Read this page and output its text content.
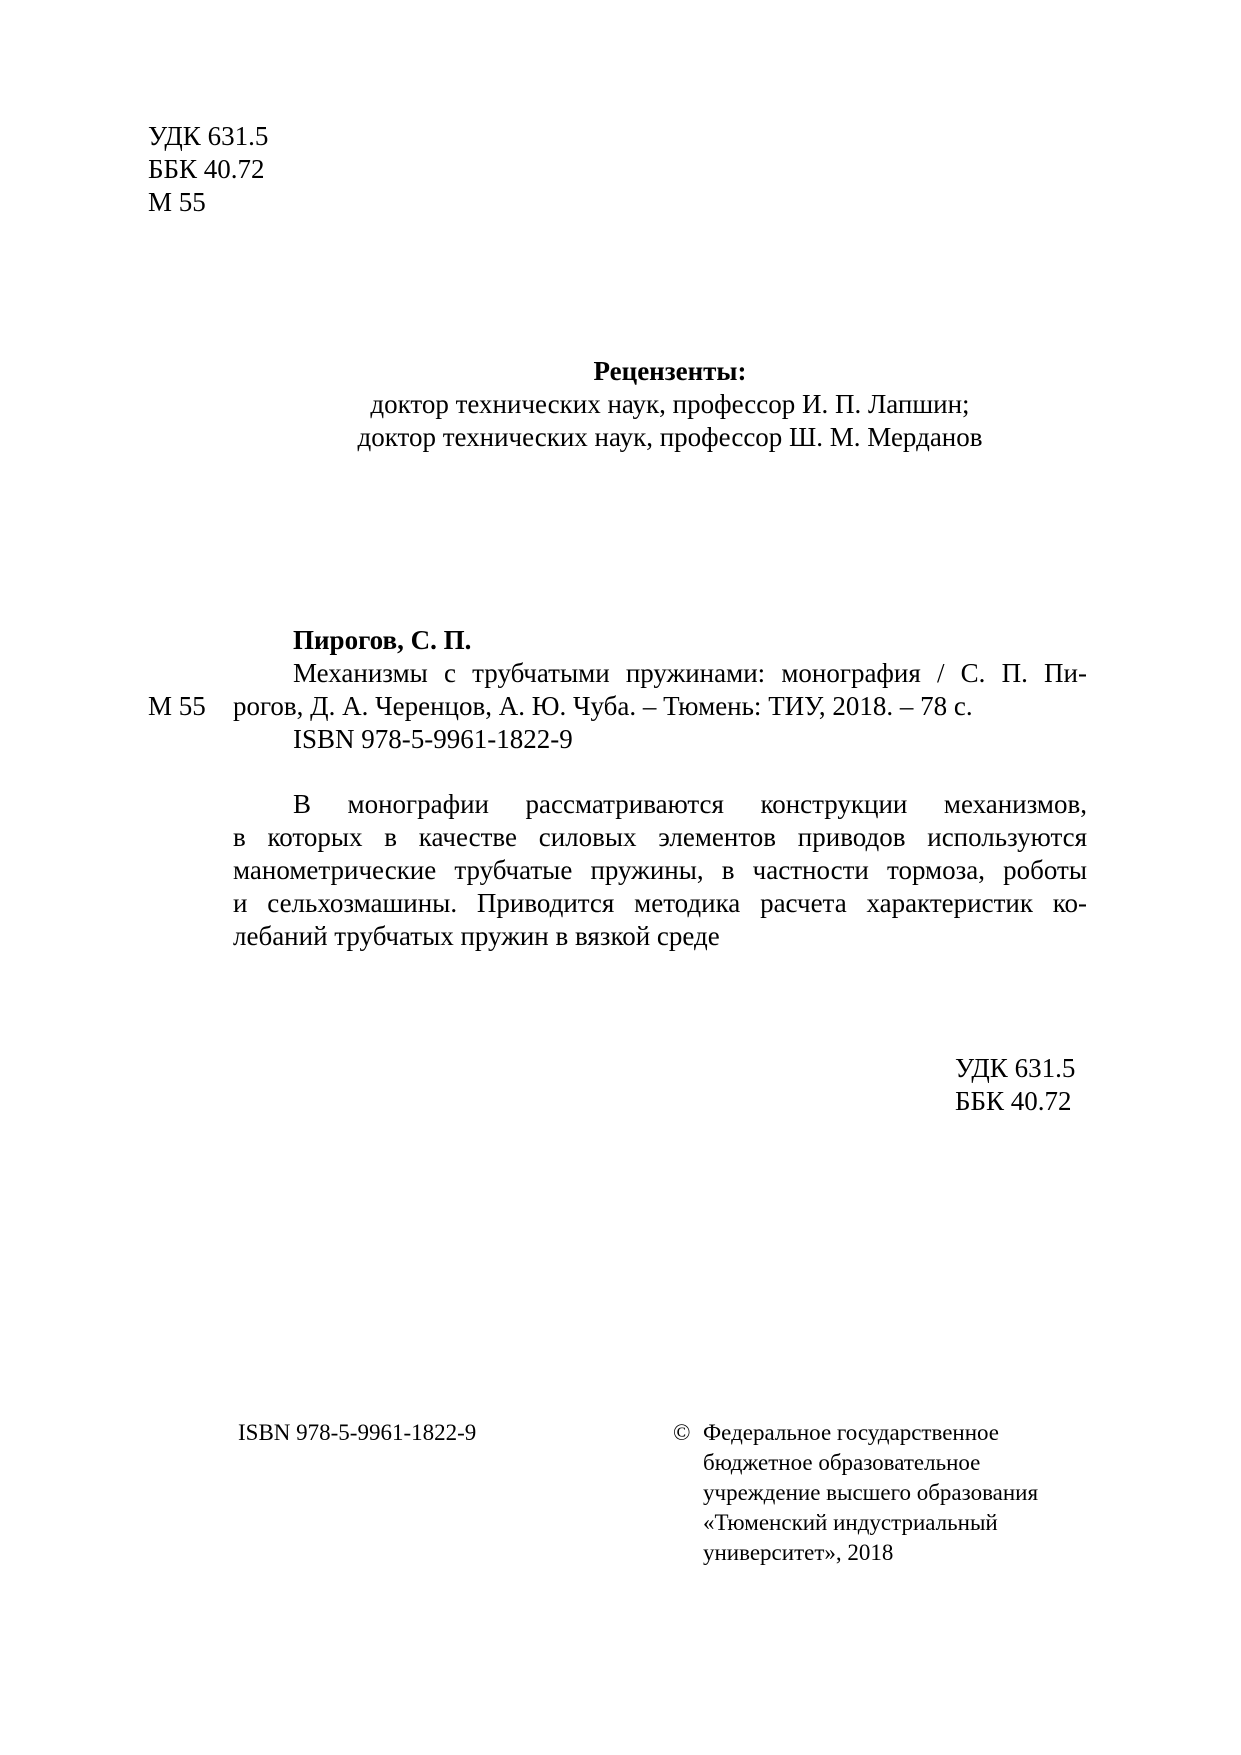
УДК 631.5
ББК 40.72
М 55
Рецензенты:
доктор технических наук, профессор И. П. Лапшин;
доктор технических наук, профессор Ш. М. Мерданов
Пирогов, С. П.
Механизмы с трубчатыми пружинами: монография / С. П. Пи-
М 55 рогов, Д. А. Черенцов, А. Ю. Чуба. – Тюмень: ТИУ, 2018. – 78 с.
ISBN 978-5-9961-1822-9
В монографии рассматриваются конструкции механизмов,
в которых в качестве силовых элементов приводов используются
манометрические трубчатые пружины, в частности тормоза, роботы
и сельхозмашины. Приводится методика расчета характеристик ко-
лебаний трубчатых пружин в вязкой среде
УДК 631.5
ББК 40.72
ISBN 978-5-9961-1822-9	© Федеральное государственное
бюджетное образовательное
учреждение высшего образования
«Тюменский индустриальный
университет», 2018
